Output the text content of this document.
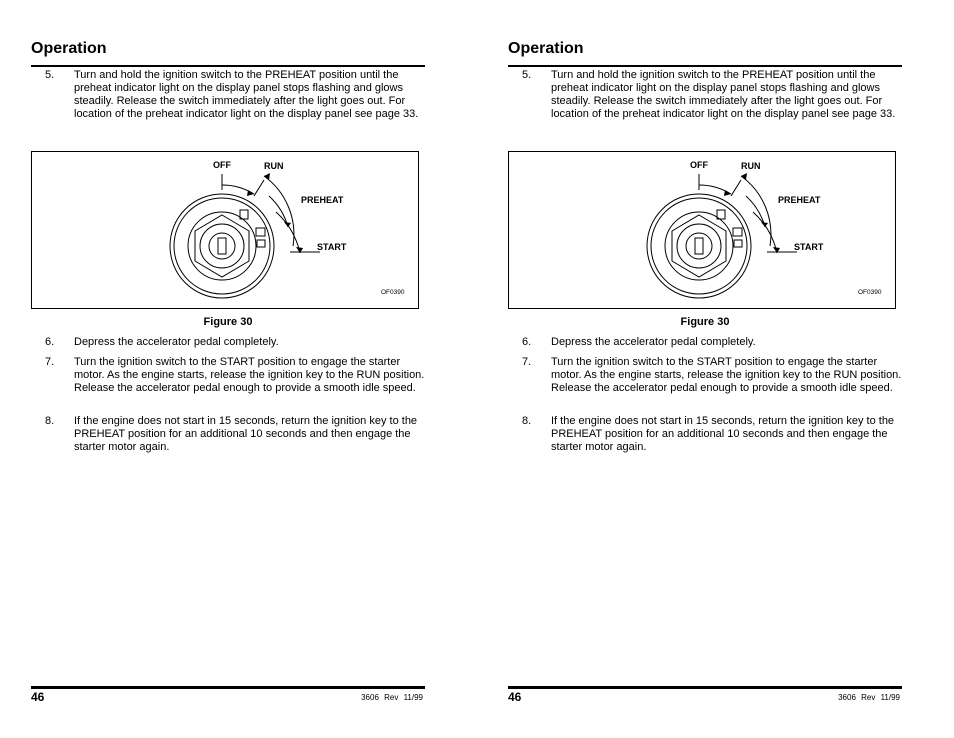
Operation
5. Turn and hold the ignition switch to the PREHEAT position until the preheat indicator light on the display panel stops flashing and glows steadily. Release the switch immediately after the light goes out. For location of the preheat indicator light on the display panel see page 33.
OFF	RUN
PREHEAT
START
OF0390
Figure 30
6. Depress the accelerator pedal completely.
7. Turn the ignition switch to the START position to engage the starter motor. As the engine starts, release the ignition key to the RUN position. Release the accelerator pedal enough to provide a smooth idle speed.
8. If the engine does not start in 15 seconds, return the ignition key to the PREHEAT position for an additional 10 seconds and then engage the starter motor again.
46	3606 Rev 11/99
Operation
5. Turn and hold the ignition switch to the PREHEAT position until the preheat indicator light on the display panel stops flashing and glows steadily. Release the switch immediately after the light goes out. For location of the preheat indicator light on the display panel see page 33.
OFF	RUN
PREHEAT
START
OF0390
Figure 30
6. Depress the accelerator pedal completely.
7. Turn the ignition switch to the START position to engage the starter motor. As the engine starts, release the ignition key to the RUN position. Release the accelerator pedal enough to provide a smooth idle speed.
8. If the engine does not start in 15 seconds, return the ignition key to the PREHEAT position for an additional 10 seconds and then engage the starter motor again.
46	3606 Rev 11/99
